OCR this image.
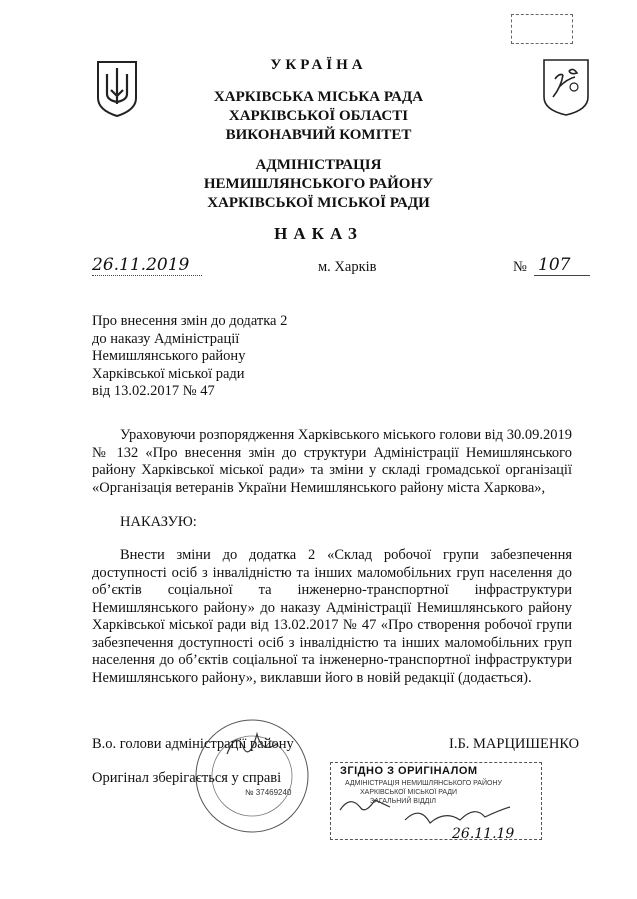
УКРАЇНА
ХАРКІВСЬКА МІСЬКА РАДА
ХАРКІВСЬКОЇ ОБЛАСТІ
ВИКОНАВЧИЙ КОМІТЕТ
АДМІНІСТРАЦІЯ
НЕМИШЛЯНСЬКОГО РАЙОНУ
ХАРКІВСЬКОЇ МІСЬКОЇ РАДИ
НАКАЗ
26.11.2019	м. Харків	№ 107
Про внесення змін до додатка 2
до наказу Адміністрації
Немишлянського району
Харківської міської ради
від 13.02.2017 № 47
Ураховуючи розпорядження Харківського міського голови від 30.09.2019 № 132 «Про внесення змін до структури Адміністрації Немишлянського району Харківської міської ради» та зміни у складі громадської організації «Організація ветеранів України Немишлянського району міста Харкова»,
НАКАЗУЮ:
Внести зміни до додатка 2 «Склад робочої групи забезпечення доступності осіб з інвалідністю та інших маломобільних груп населення до об’єктів соціальної та інженерно-транспортної інфраструктури Немишлянського району» до наказу Адміністрації Немишлянського району Харківської міської ради від 13.02.2017 № 47 «Про створення робочої групи забезпечення доступності осіб з інвалідністю та інших маломобільних груп населення до об’єктів соціальної та інженерно-транспортної інфраструктури Немишлянського району», виклавши його в новій редакції (додається).
№ 37469240
В.о. голови адміністрації району	І.Б. МАРЦИШЕНКО
Оригінал зберігається у справі	ЗГІДНО З ОРИГІНАЛОМ
АДМІНІСТРАЦІЯ НЕМИШЛЯНСЬКОГО РАЙОНУ
ХАРКІВСЬКОЇ МІСЬКОЇ РАДИ
ЗАГАЛЬНИЙ ВІДДІЛ
26.11.19
